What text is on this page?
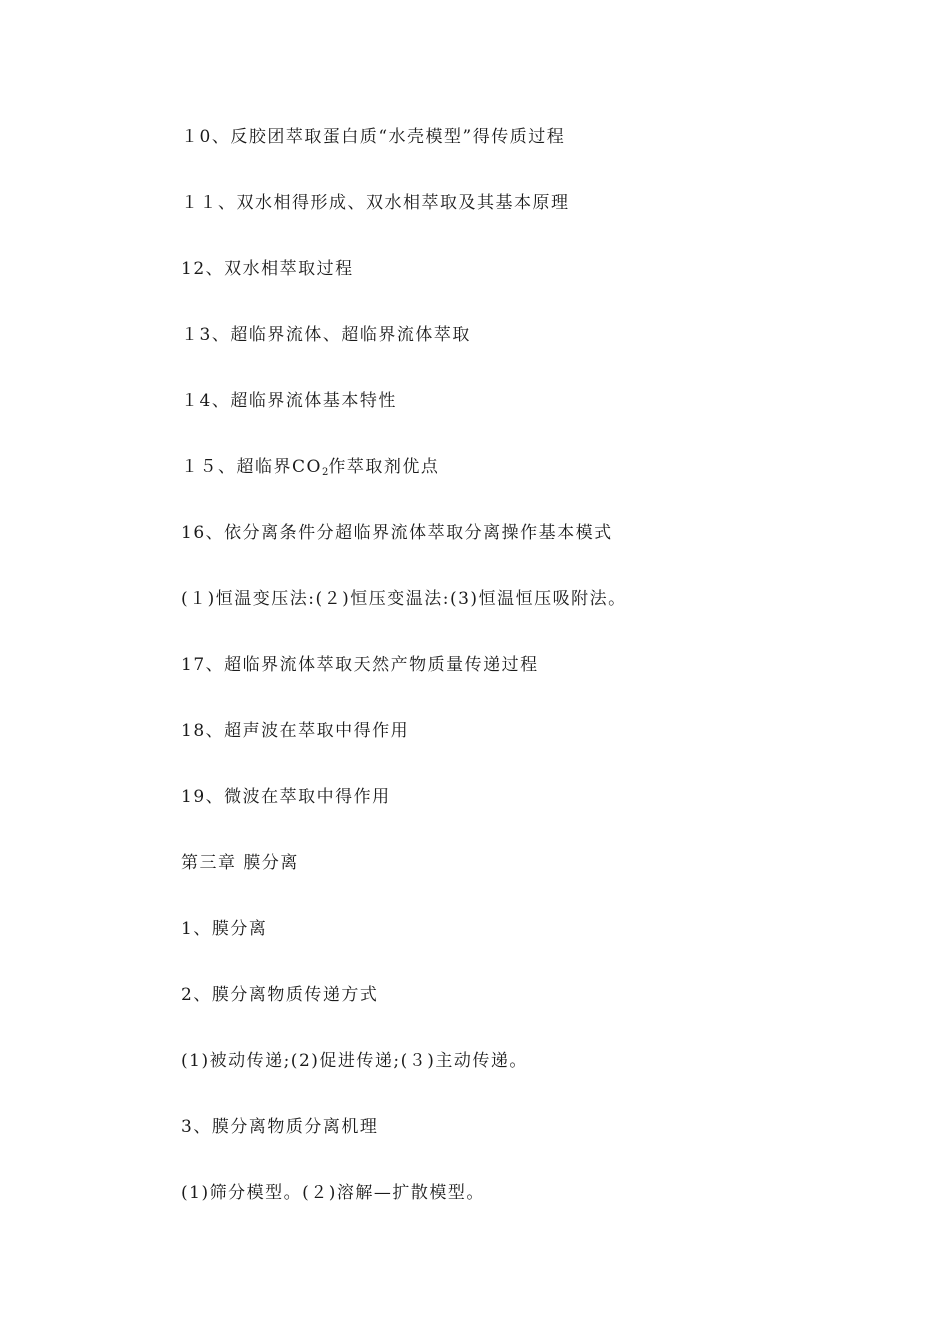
１0、反胶团萃取蛋白质“水壳模型”得传质过程
１１、双水相得形成、双水相萃取及其基本原理
12、双水相萃取过程
１3、超临界流体、超临界流体萃取
１4、超临界流体基本特性
１５、超临界$CO_2$作萃取剂优点
16、依分离条件分超临界流体萃取分离操作基本模式
(１)恒温变压法:(２)恒压变温法:(3)恒温恒压吸附法。
17、超临界流体萃取天然产物质量传递过程
18、超声波在萃取中得作用
19、微波在萃取中得作用
第三章 膜分离
1、膜分离
2、膜分离物质传递方式
(1)被动传递;(2)促进传递;(３)主动传递。
3、膜分离物质分离机理
(1)筛分模型。(２)溶解—扩散模型。
